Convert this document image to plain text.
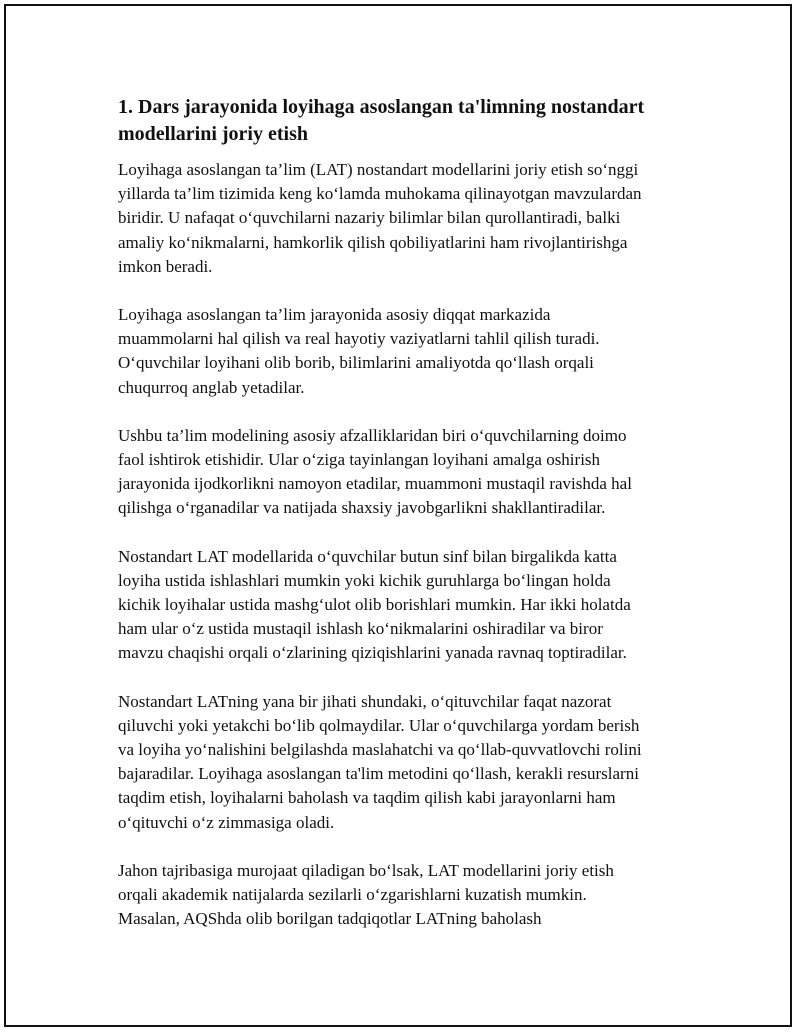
1. Dars jarayonida loyihaga asoslangan ta'limning nostandart modellarini joriy etish

Loyihaga asoslangan ta’lim (LAT) nostandart modellarini joriy etish so‘nggi
yillarda ta’lim tizimida keng ko‘lamda muhokama qilinayotgan mavzulardan
biridir. U nafaqat o‘quvchilarni nazariy bilimlar bilan qurollantiradi, balki
amaliy ko‘nikmalarni, hamkorlik qilish qobiliyatlarini ham rivojlantirishga
imkon beradi.

Loyihaga asoslangan ta’lim jarayonida asosiy diqqat markazida
muammolarni hal qilish va real hayotiy vaziyatlarni tahlil qilish turadi.
O‘quvchilar loyihani olib borib, bilimlarini amaliyotda qo‘llash orqali
chuqurroq anglab yetadilar.

Ushbu ta’lim modelining asosiy afzalliklaridan biri o‘quvchilarning doimo
faol ishtirok etishidir. Ular o‘ziga tayinlangan loyihani amalga oshirish
jarayonida ijodkorlikni namoyon etadilar, muammoni mustaqil ravishda hal
qilishga o‘rganadilar va natijada shaxsiy javobgarlikni shakllantiradilar.

Nostandart LAT modellarida o‘quvchilar butun sinf bilan birgalikda katta
loyiha ustida ishlashlari mumkin yoki kichik guruhlarga bo‘lingan holda
kichik loyihalar ustida mashg‘ulot olib borishlari mumkin. Har ikki holatda
ham ular o‘z ustida mustaqil ishlash ko‘nikmalarini oshiradilar va biror
mavzu chaqishi orqali o‘zlarining qiziqishlarini yanada ravnaq toptiradilar.

Nostandart LATning yana bir jihati shundaki, o‘qituvchilar faqat nazorat
qiluvchi yoki yetakchi bo‘lib qolmaydilar. Ular o‘quvchilarga yordam berish
va loyiha yo‘nalishini belgilashda maslahatchi va qo‘llab-quvvatlovchi rolini
bajaradilar. Loyihaga asoslangan ta'lim metodini qo‘llash, kerakli resurslarni
taqdim etish, loyihalarni baholash va taqdim qilish kabi jarayonlarni ham
o‘qituvchi o‘z zimmasiga oladi.

Jahon tajribasiga murojaat qiladigan bo‘lsak, LAT modellarini joriy etish
orqali akademik natijalarda sezilarli o‘zgarishlarni kuzatish mumkin.
Masalan, AQShda olib borilgan tadqiqotlar LATning baholash
